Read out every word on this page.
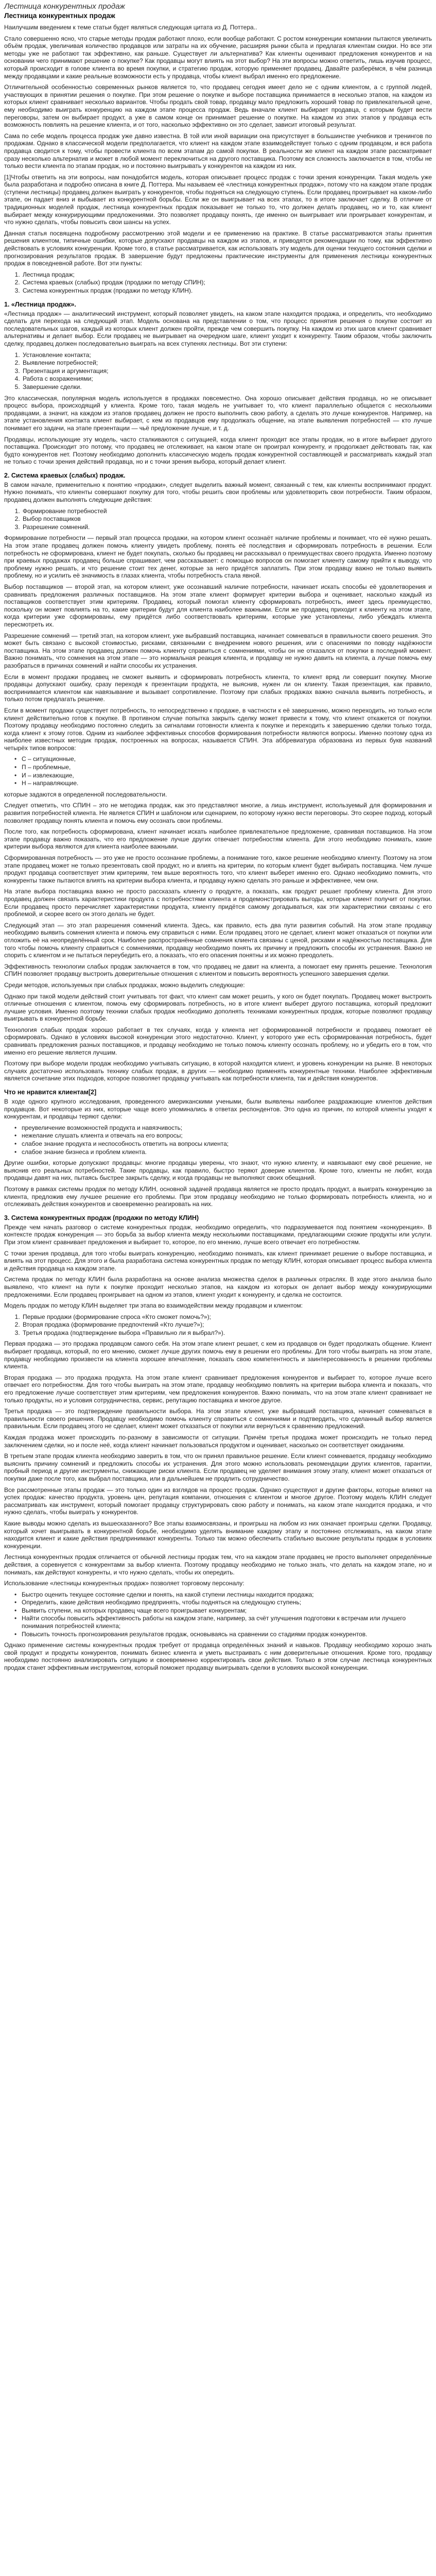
Лестница конкурентных продаж
Лестница конкурентных продаж

Наилучшим введением к теме статьи будет являться следующая цитата из Д. Поттера..

Стало совершенно ясно, что старые методы продаж работают плохо, если вообще работают. С ростом конкуренции компании пытаются увеличить объём продаж, увеличивая количество продавцов или затраты на их обучение, расширяя рынки сбыта и предлагая клиентам скидки. Но все эти методы уже не работают так эффективно, как раньше. Существует ли альтернатива? Как клиенты оценивают предложения конкурентов и на основании чего принимают решение о покупке? Как продавцы могут влиять на этот выбор? На эти вопросы можно ответить, лишь изучив процесс, который происходит в голове клиента во время покупки, и стратегию продаж, которую применяет продавец. Давайте разберёмся, в чём разница между продавцами и какие реальные возможности есть у продавца, чтобы клиент выбрал именно его предложение.

Отличительной особенностью современных рынков является то, что продавец сегодня имеет дело не с одним клиентом, а с группой людей, участвующих в принятии решения о покупке. При этом решение о покупке и выборе поставщика принимается в несколько этапов, на каждом из которых клиент сравнивает несколько вариантов. Чтобы продать свой товар, продавцу мало предложить хороший товар по привлекательной цене, ему необходимо выиграть конкуренцию на каждом этапе процесса продаж. Ведь вначале клиент выбирает продавца, с которым будет вести переговоры, затем он выбирает продукт, а уже в самом конце он принимает решение о покупке. На каждом из этих этапов у продавца есть возможность повлиять на решение клиента, и от того, насколько эффективно он это сделает, зависит итоговый результат.

Сама по себе модель процесса продаж уже давно известна. В той или иной вариации она присутствует в большинстве учебников и тренингов по продажам. Однако в классической модели предполагается, что клиент на каждом этапе взаимодействует только с одним продавцом, и вся работа продавца сводится к тому, чтобы провести клиента по всем этапам до самой покупки. В реальности же клиент на каждом этапе рассматривает сразу несколько альтернатив и может в любой момент переключиться на другого поставщика. Поэтому вся сложность заключается в том, чтобы не только вести клиента по этапам продаж, но и постоянно выигрывать у конкурентов на каждом из них.

[1]Чтобы ответить на эти вопросы, нам понадобится модель, которая описывает процесс продаж с точки зрения конкуренции. Такая модель уже была разработана и подробно описана в книге Д. Поттера. Мы называем её «лестница конкурентных продаж», потому что на каждом этапе продаж (ступени лестницы) продавец должен выиграть у конкурентов, чтобы подняться на следующую ступень. Если продавец проигрывает на каком-либо этапе, он падает вниз и выбывает из конкурентной борьбы. Если же он выигрывает на всех этапах, то в итоге заключает сделку. В отличие от традиционных моделей продаж, лестница конкурентных продаж показывает не только то, что должен делать продавец, но и то, как клиент выбирает между конкурирующими предложениями. Это позволяет продавцу понять, где именно он выигрывает или проигрывает конкурентам, и что нужно сделать, чтобы повысить свои шансы на успех.

Данная статья посвящена подробному рассмотрению этой модели и ее применению на практике. В статье рассматриваются этапы принятия решения клиентом, типичные ошибки, которые допускают продавцы на каждом из этапов, и приводятся рекомендации по тому, как эффективно действовать в условиях конкуренции. Кроме того, в статье рассматривается, как использовать эту модель для оценки текущего состояния сделки и прогнозирования результатов продаж. В завершение будут предложены практические инструменты для применения лестницы конкурентных продаж в повседневной работе. Вот эти пункты:

1. Лестница продаж;
2. Система краевых (слабых) продаж (продажи по методу СПИН);
3. Система конкурентных продаж (продажи по методу КЛИН).
1. «Лестница продаж».

«Лестница продаж» — аналитический инструмент, который позволяет увидеть, на каком этапе находится продажа, и определить, что необходимо сделать для перехода на следующий этап. Модель основана на представлении о том, что процесс принятия решения о покупке состоит из последовательных шагов, каждый из которых клиент должен пройти, прежде чем совершить покупку. На каждом из этих шагов клиент сравнивает альтернативы и делает выбор. Если продавец не выигрывает на очередном шаге, клиент уходит к конкуренту. Таким образом, чтобы заключить сделку, продавец должен последовательно выиграть на всех ступенях лестницы. Вот эти ступени:

1. Установление контакта;
2. Выявление потребностей;
3. Презентация и аргументация;
4. Работа с возражениями;
5. Завершение сделки.

Это классическая, популярная модель используется в продажах повсеместно. Она хорошо описывает действия продавца, но не описывает процесс выбора, происходящий у клиента. Кроме того, такая модель не учитывает то, что клиент параллельно общается с несколькими продавцами, а значит, на каждом из этапов продавец должен не просто выполнить свою работу, а сделать это лучше конкурентов. Например, на этапе установления контакта клиент выбирает, с кем из продавцов ему продолжать общение, на этапе выявления потребностей — кто лучше понимает его задачи, на этапе презентации — чьё предложение лучше, и т. д.

Продавцы, использующие эту модель, часто сталкиваются с ситуацией, когда клиент проходит все этапы продаж, но в итоге выбирает другого поставщика. Происходит это потому, что продавец не отслеживает, на каком этапе он проиграл конкуренту, и продолжает действовать так, как будто конкурентов нет. Поэтому необходимо дополнить классическую модель продаж конкурентной составляющей и рассматривать каждый этап не только с точки зрения действий продавца, но и с точки зрения выбора, который делает клиент.

2. Система краевых (слабых) продаж.

В самом начале, применительно к понятию «продажи», следует выделить важный момент, связанный с тем, как клиенты воспринимают продукт. Нужно понимать, что клиенты совершают покупку для того, чтобы решить свои проблемы или удовлетворить свои потребности. Таким образом, продавец должен выполнять следующие действия:

1. Формирование потребностей
2. Выбор поставщиков
3. Разрешение сомнений.

Формирование потребности — первый этап процесса продажи, на котором клиент осознаёт наличие проблемы и понимает, что её нужно решать. На этом этапе продавец должен помочь клиенту увидеть проблему, понять её последствия и сформировать потребность в решении. Если потребность не сформирована, клиент не будет покупать, сколько бы продавец ни рассказывал о преимуществах своего продукта. Именно поэтому при краевых продажах продавец больше спрашивает, чем рассказывает: с помощью вопросов он помогает клиенту самому прийти к выводу, что проблему нужно решать, и что решение стоит тех денег, которые за него придётся заплатить. При этом продавцу важно не только выявить проблему, но и усилить её значимость в глазах клиента, чтобы потребность стала явной.

Выбор поставщиков — второй этап, на котором клиент, уже осознавший наличие потребности, начинает искать способы её удовлетворения и сравнивать предложения различных поставщиков. На этом этапе клиент формирует критерии выбора и оценивает, насколько каждый из поставщиков соответствует этим критериям. Продавец, который помогал клиенту сформировать потребность, имеет здесь преимущество, поскольку он может повлиять на то, какие критерии будут для клиента наиболее важными. Если же продавец приходит к клиенту на этом этапе, когда критерии уже сформированы, ему придётся либо соответствовать критериям, которые уже установлены, либо убеждать клиента пересмотреть их.

Разрешение сомнений — третий этап, на котором клиент, уже выбравший поставщика, начинает сомневаться в правильности своего решения. Это может быть связано с высокой стоимостью, рисками, связанными с внедрением нового решения, или с опасениями по поводу надёжности поставщика. На этом этапе продавец должен помочь клиенту справиться с сомнениями, чтобы он не отказался от покупки в последний момент. Важно понимать, что сомнения на этом этапе — это нормальная реакция клиента, и продавцу не нужно давить на клиента, а лучше помочь ему разобраться в причинах сомнений и найти способы их устранения.

Если в момент продажи продавец не сможет выявить и сформировать потребность клиента, то клиент вряд ли совершит покупку. Многие продавцы допускают ошибку, сразу переходя к презентации продукта, не выяснив, нужен ли он клиенту. Такая презентация, как правило, воспринимается клиентом как навязывание и вызывает сопротивление. Поэтому при слабых продажах важно сначала выявить потребность, и только потом предлагать решение.

Если в момент продажи существует потребность, то непосредственно к продаже, в частности к её завершению, можно переходить, но только если клиент действительно готов к покупке. В противном случае попытка закрыть сделку может привести к тому, что клиент откажется от покупки. Поэтому продавцу необходимо постоянно следить за сигналами готовности клиента к покупке и переходить к завершению сделки только тогда, когда клиент к этому готов. Одним из наиболее эффективных способов формирования потребности являются вопросы. Именно поэтому одна из наиболее известных методик продаж, построенных на вопросах, называется СПИН. Эта аббревиатура образована из первых букв названий четырёх типов вопросов:

• С – ситуационные,
• П – проблемные,
• И – извлекающие,
• Н – направляющие.

которые задаются в определенной последовательности.

Следует отметить, что СПИН – это не методика продаж, как это представляют многие, а лишь инструмент, используемый для формирования и развития потребностей клиента. Не является СПИН и шаблоном или сценарием, по которому нужно вести переговоры. Это скорее подход, который позволяет продавцу понять клиента и помочь ему осознать свои проблемы.

После того, как потребность сформирована, клиент начинает искать наиболее привлекательное предложение, сравнивая поставщиков. На этом этапе продавцу важно показать, что его предложение лучше других отвечает потребностям клиента. Для этого необходимо понимать, какие критерии выбора являются для клиента наиболее важными.

Сформированная потребность — это уже не просто осознание проблемы, а понимание того, какое решение необходимо клиенту. Поэтому на этом этапе продавец может не только презентовать свой продукт, но и влиять на критерии, по которым клиент будет выбирать поставщика. Чем лучше продукт продавца соответствует этим критериям, тем выше вероятность того, что клиент выберет именно его. Однако необходимо помнить, что конкуренты также пытаются влиять на критерии выбора клиента, и продавцу нужно сделать это раньше и эффективнее, чем они.

На этапе выбора поставщика важно не просто рассказать клиенту о продукте, а показать, как продукт решает проблему клиента. Для этого продавец должен связать характеристики продукта с потребностями клиента и продемонстрировать выгоды, которые клиент получит от покупки. Если продавец просто перечисляет характеристики продукта, клиенту придётся самому догадываться, как эти характеристики связаны с его проблемой, и скорее всего он этого делать не будет.

Следующий этап — это этап разрешения сомнений клиента. Здесь, как правило, есть два пути развития событий. На этом этапе продавцу необходимо выявить сомнения клиента и помочь ему справиться с ними. Если продавец этого не сделает, клиент может отказаться от покупки или отложить её на неопределённый срок. Наиболее распространённые сомнения клиента связаны с ценой, рисками и надёжностью поставщика. Для того чтобы помочь клиенту справиться с сомнениями, продавцу необходимо понять их причину и предложить способы их устранения. Важно не спорить с клиентом и не пытаться переубедить его, а показать, что его опасения понятны и их можно преодолеть.

Эффективность технологии слабых продаж заключается в том, что продавец не давит на клиента, а помогает ему принять решение. Технология СПИН позволяет продавцу выстроить доверительные отношения с клиентом и повысить вероятность успешного завершения сделки.

Среди методов, используемых при слабых продажах, можно выделить следующие:

Однако при такой модели действий стоит учитывать тот факт, что клиент сам может решить, у кого он будет покупать. Продавец может выстроить отличные отношения с клиентом, помочь ему сформировать потребность, но в итоге клиент выберет другого поставщика, который предложит лучшие условия. Именно поэтому техники слабых продаж необходимо дополнять техниками конкурентных продаж, которые позволяют продавцу выигрывать в конкурентной борьбе.

Технология слабых продаж хорошо работает в тех случаях, когда у клиента нет сформированной потребности и продавец помогает её сформировать. Однако в условиях высокой конкуренции этого недостаточно. Клиент, у которого уже есть сформированная потребность, будет сравнивать предложения разных поставщиков, и продавцу необходимо не только помочь клиенту осознать проблему, но и убедить его в том, что именно его решение является лучшим.

Поэтому при выборе модели продаж необходимо учитывать ситуацию, в которой находится клиент, и уровень конкуренции на рынке. В некоторых случаях достаточно использовать технику слабых продаж, в других — необходимо применять конкурентные техники. Наиболее эффективным является сочетание этих подходов, которое позволяет продавцу учитывать как потребности клиента, так и действия конкурентов.

Что не нравится клиентам[2]

В ходе одного крупного исследования, проведенного американскими учеными, были выявлены наиболее раздражающие клиентов действия продавцов. Вот некоторые из них, которые чаще всего упоминались в ответах респондентов. Это одна из причин, по которой клиенты уходят к конкурентам, и продавцы теряют сделки:

• преувеличение возможностей продукта и навязчивость;
• нежелание слушать клиента и отвечать на его вопросы;
• слабое знание продукта и неспособность ответить на вопросы клиента;
• слабое знание бизнеса и проблем клиента.

Другие ошибки, которые допускают продавцы: многие продавцы уверены, что знают, что нужно клиенту, и навязывают ему своё решение, не выяснив его реальных потребностей. Такие продавцы, как правило, быстро теряют доверие клиентов. Кроме того, клиенты не любят, когда продавцы давят на них, пытаясь быстрее закрыть сделку, и когда продавцы не выполняют своих обещаний.

Поэтому в рамках системы продаж по методу КЛИН, основной задачей продавца является не просто продать продукт, а выиграть конкуренцию за клиента, предложив ему лучшее решение его проблемы. При этом продавцу необходимо не только формировать потребность клиента, но и отслеживать действия конкурентов и своевременно реагировать на них.

3. Система конкурентных продаж (продажи по методу КЛИН)

Прежде чем начать разговор о системе конкурентных продаж, необходимо определить, что подразумевается под понятием «конкуренция». В контексте продаж конкуренция — это борьба за выбор клиента между несколькими поставщиками, предлагающими схожие продукты или услуги. При этом клиент сравнивает предложения и выбирает то, которое, по его мнению, лучше всего отвечает его потребностям.

С точки зрения продавца, для того чтобы выиграть конкуренцию, необходимо понимать, как клиент принимает решение о выборе поставщика, и влиять на этот процесс. Для этого и была разработана система конкурентных продаж по методу КЛИН, которая описывает процесс выбора клиента и действия продавца на каждом этапе.

Система продаж по методу КЛИН была разработана на основе анализа множества сделок в различных отраслях. В ходе этого анализа было выявлено, что клиент на пути к покупке проходит несколько этапов, на каждом из которых он делает выбор между конкурирующими предложениями. Если продавец проигрывает на одном из этапов, клиент уходит к конкуренту, и сделка не состоится.

Модель продаж по методу КЛИН выделяет три этапа во взаимодействии между продавцом и клиентом:

1. Первые продажи (формирование спроса «Кто сможет помочь?»);
2. Вторая продажа (формирование предпочтений «Кто лучше?»);
3. Третья продажа (подтверждение выбора «Правильно ли я выбрал?»).

Первая продажа — это продажа продавцом самого себя. На этом этапе клиент решает, с кем из продавцов он будет продолжать общение. Клиент выбирает продавца, который, по его мнению, сможет лучше других помочь ему в решении его проблемы. Для того чтобы выиграть на этом этапе, продавцу необходимо произвести на клиента хорошее впечатление, показать свою компетентность и заинтересованность в решении проблемы клиента.

Вторая продажа — это продажа продукта. На этом этапе клиент сравнивает предложения конкурентов и выбирает то, которое лучше всего отвечает его потребностям. Для того чтобы выиграть на этом этапе, продавцу необходимо повлиять на критерии выбора клиента и показать, что его предложение лучше соответствует этим критериям, чем предложения конкурентов. Важно понимать, что на этом этапе клиент сравнивает не только продукты, но и условия сотрудничества, сервис, репутацию поставщика и многое другое.

Третья продажа — это подтверждение правильности выбора. На этом этапе клиент, уже выбравший поставщика, начинает сомневаться в правильности своего решения. Продавцу необходимо помочь клиенту справиться с сомнениями и подтвердить, что сделанный выбор является правильным. Если продавец этого не сделает, клиент может отказаться от покупки или вернуться к сравнению предложений.

Каждая продажа может происходить по-разному в зависимости от ситуации. Причём третья продажа может происходить не только перед заключением сделки, но и после неё, когда клиент начинает пользоваться продуктом и оценивает, насколько он соответствует ожиданиям.

В третьем этапе продаж клиента необходимо заверить в том, что он принял правильное решение. Если клиент сомневается, продавцу необходимо выяснить причину сомнений и предложить способы их устранения. Для этого можно использовать рекомендации других клиентов, гарантии, пробный период и другие инструменты, снижающие риски клиента. Если продавец не уделяет внимания этому этапу, клиент может отказаться от покупки даже после того, как выбрал поставщика, или в дальнейшем не продлить сотрудничество.

Все рассмотренные этапы продаж — это только один из взглядов на процесс продаж. Однако существуют и другие факторы, которые влияют на успех продаж: качество продукта, уровень цен, репутация компании, отношения с клиентом и многое другое. Поэтому модель КЛИН следует рассматривать как инструмент, который помогает продавцу структурировать свою работу и понимать, на каком этапе находится продажа, и что нужно сделать, чтобы выиграть у конкурентов.

Какие выводы можно сделать из вышесказанного? Все этапы взаимосвязаны, и проигрыш на любом из них означает проигрыш сделки. Продавцу, который хочет выигрывать в конкурентной борьбе, необходимо уделять внимание каждому этапу и постоянно отслеживать, на каком этапе находится клиент и какие действия предпринимают конкуренты. Только так можно обеспечить стабильно высокие результаты продаж в условиях конкуренции.

Лестница конкурентных продаж отличается от обычной лестницы продаж тем, что на каждом этапе продавец не просто выполняет определённые действия, а соревнуется с конкурентами за выбор клиента. Поэтому продавцу необходимо не только знать, что делать на каждом этапе, но и понимать, как действуют конкуренты, и что нужно сделать, чтобы их опередить.

Использование «лестницы конкурентных продаж» позволяет торговому персоналу:

• Быстро оценить текущее состояние сделки и понять, на какой ступени лестницы находится продажа;
• Определить, какие действия необходимо предпринять, чтобы подняться на следующую ступень;
• Выявить ступени, на которых продавец чаще всего проигрывает конкурентам;
• Найти способы повысить эффективность работы на каждом этапе, например, за счёт улучшения подготовки к встречам или лучшего понимания потребностей клиента;
• Повысить точность прогнозирования результатов продаж, основываясь на сравнении со стадиями продаж конкурентов.

Однако применение системы конкурентных продаж требует от продавца определённых знаний и навыков. Продавцу необходимо хорошо знать свой продукт и продукты конкурентов, понимать бизнес клиента и уметь выстраивать с ним доверительные отношения. Кроме того, продавцу необходимо постоянно анализировать ситуацию и своевременно корректировать свои действия. Только в этом случае лестница конкурентных продаж станет эффективным инструментом, который поможет продавцу выигрывать сделки в условиях высокой конкуренции.
